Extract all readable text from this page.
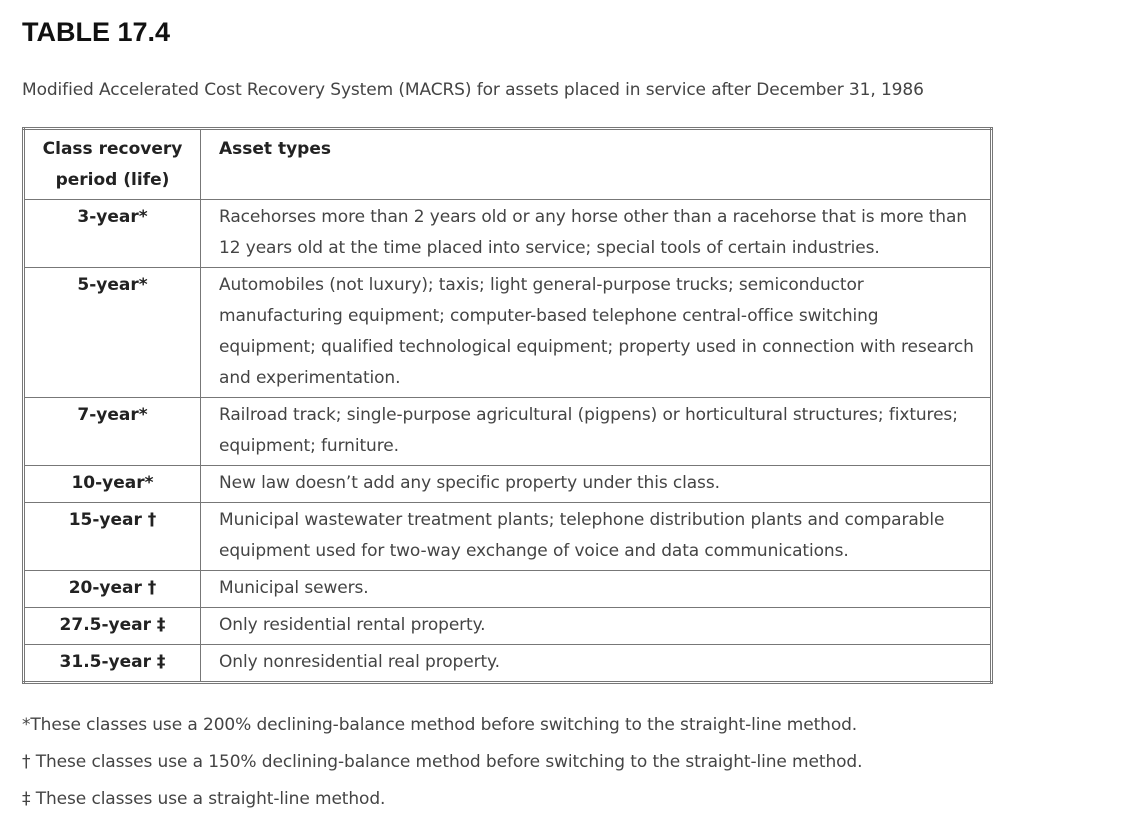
TABLE 17.4

Modified Accelerated Cost Recovery System (MACRS) for assets placed in service after December 31, 1986

Class recovery
period (life)	Asset types
3-year*	Racehorses more than 2 years old or any horse other than a racehorse that is more than 12 years old at the time placed into service; special tools of certain industries.
5-year*	Automobiles (not luxury); taxis; light general-purpose trucks; semiconductor manufacturing equipment; computer-based telephone central-office switching equipment; qualified technological equipment; property used in connection with research and experimentation.
7-year*	Railroad track; single-purpose agricultural (pigpens) or horticultural structures; fixtures; equipment; furniture.
10-year*	New law doesn’t add any specific property under this class.
15-year †	Municipal wastewater treatment plants; telephone distribution plants and comparable equipment used for two-way exchange of voice and data communications.
20-year †	Municipal sewers.
27.5-year ‡	Only residential rental property.
31.5-year ‡	Only nonresidential real property.

*These classes use a 200% declining-balance method before switching to the straight-line method.

† These classes use a 150% declining-balance method before switching to the straight-line method.

‡ These classes use a straight-line method.
